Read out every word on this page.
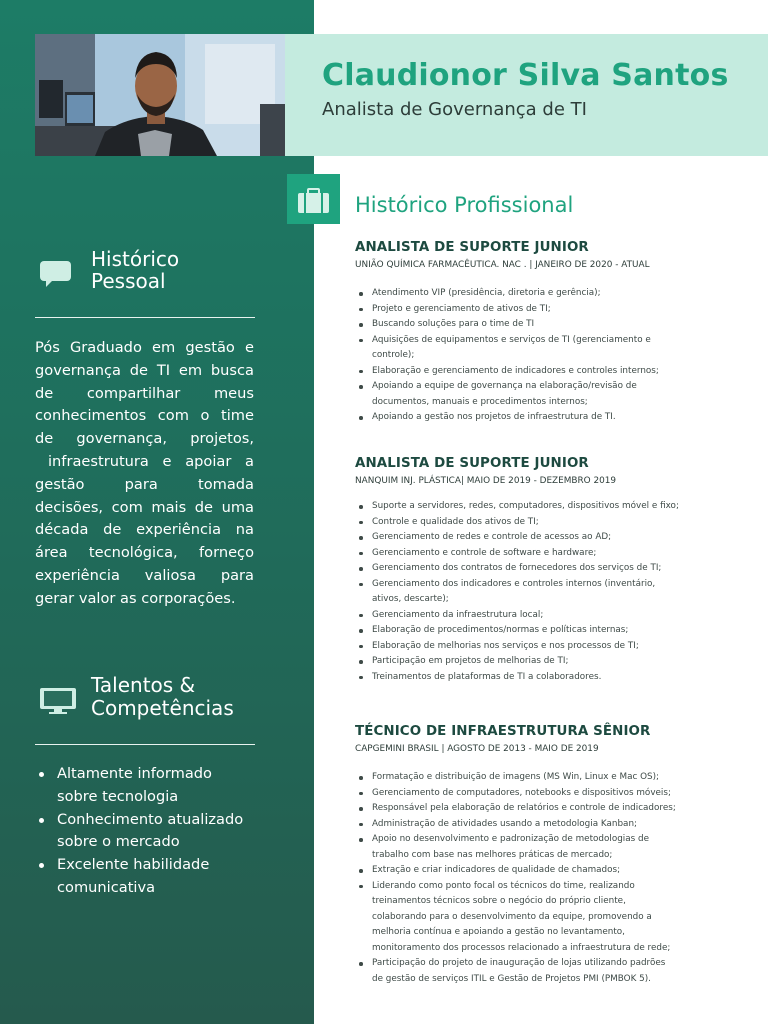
Claudionor Silva Santos
Analista de Governança de TI
Histórico
Pessoal
Pós Graduado em gestão e
governança de TI em busca
de compartilhar meus
conhecimentos com o time
de governança, projetos,
infraestrutura e apoiar a
gestão para tomada
decisões, com mais de uma
década de experiência na
área tecnológica, forneço
experiência valiosa para
gerar valor as corporações.
Talentos &
Competências
Altamente informado
sobre tecnologia
Conhecimento atualizado
sobre o mercado
Excelente habilidade
comunicativa
Histórico Profissional
ANALISTA DE SUPORTE JUNIOR
UNIÃO QUÍMICA FARMACÊUTICA. NAC . | JANEIRO DE 2020 - ATUAL
Atendimento VIP (presidência, diretoria e gerência);
Projeto e gerenciamento de ativos de TI;
Buscando soluções para o time de TI
Aquisições de equipamentos e serviços de TI (gerenciamento e
controle);
Elaboração e gerenciamento de indicadores e controles internos;
Apoiando a equipe de governança na elaboração/revisão de
documentos, manuais e procedimentos internos;
Apoiando a gestão nos projetos de infraestrutura de TI.
ANALISTA DE SUPORTE JUNIOR
NANQUIM INJ. PLÁSTICA| MAIO DE 2019 - DEZEMBRO 2019
Suporte a servidores, redes, computadores, dispositivos móvel e fixo;
Controle e qualidade dos ativos de TI;
Gerenciamento de redes e controle de acessos ao AD;
Gerenciamento e controle de software e hardware;
Gerenciamento dos contratos de fornecedores dos serviços de TI;
Gerenciamento dos indicadores e controles internos (inventário,
ativos, descarte);
Gerenciamento da infraestrutura local;
Elaboração de procedimentos/normas e políticas internas;
Elaboração de melhorias nos serviços e nos processos de TI;
Participação em projetos de melhorias de TI;
Treinamentos de plataformas de TI a colaboradores.
TÉCNICO DE INFRAESTRUTURA SÊNIOR
CAPGEMINI BRASIL | AGOSTO DE 2013 - MAIO DE 2019
Formatação e distribuição de imagens (MS Win, Linux e Mac OS);
Gerenciamento de computadores, notebooks e dispositivos móveis;
Responsável pela elaboração de relatórios e controle de indicadores;
Administração de atividades usando a metodologia Kanban;
Apoio no desenvolvimento e padronização de metodologias de
trabalho com base nas melhores práticas de mercado;
Extração e criar indicadores de qualidade de chamados;
Liderando como ponto focal os técnicos do time, realizando
treinamentos técnicos sobre o negócio do próprio cliente,
colaborando para o desenvolvimento da equipe, promovendo a
melhoria contínua e apoiando a gestão no levantamento,
monitoramento dos processos relacionado a infraestrutura de rede;
Participação do projeto de inauguração de lojas utilizando padrões
de gestão de serviços ITIL e Gestão de Projetos PMI (PMBOK 5).
